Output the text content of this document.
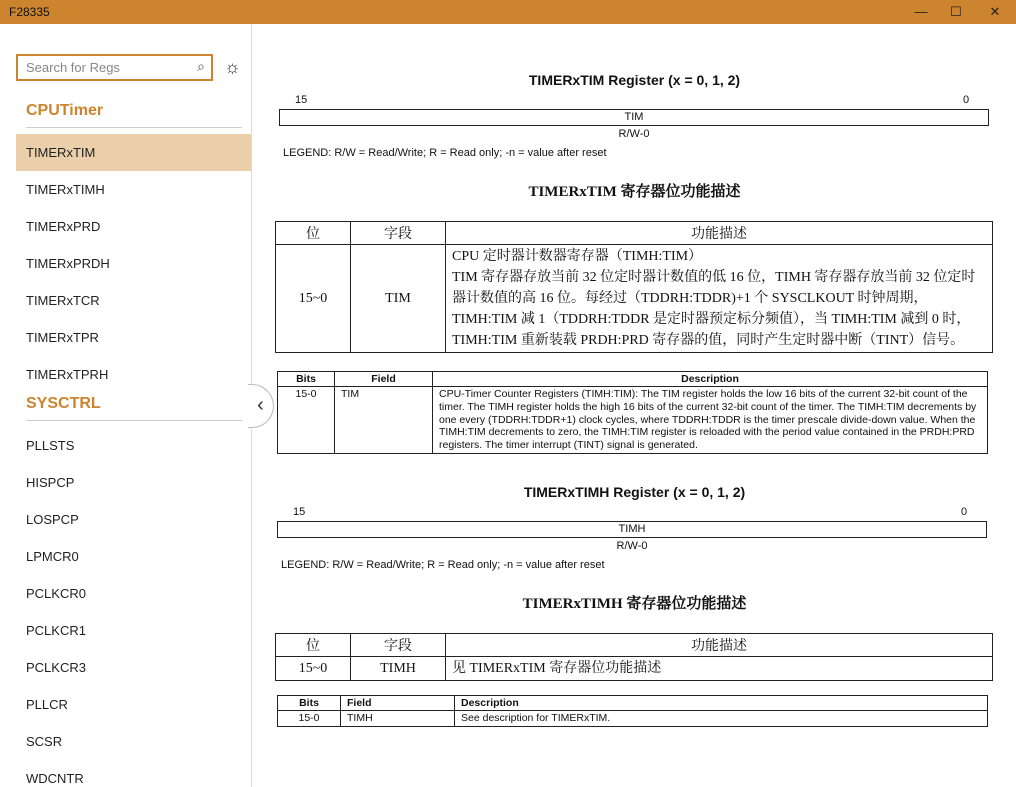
F28335	—	☐	✕
Search for Regs	⌕ ☼
CPUTimer
TIMERxTIM
TIMERxTIMH
TIMERxPRD
TIMERxPRDH
TIMERxTCR
TIMERxTPR
TIMERxTPRH
SYSCTRL
PLLSTS
HISPCP
LOSPCP
LPMCR0
PCLKCR0
PCLKCR1
PCLKCR3
PLLCR
SCSR
WDCNTR
‹
TIMERxTIM Register (x = 0, 1, 2)
15	0
TIM
R/W-0
LEGEND: R/W = Read/Write; R = Read only; -n = value after reset
TIMERxTIM 寄存器位功能描述
位	字段	功能描述
15~0	TIM	CPU 定时器计数器寄存器（TIMH:TIM）
TIM 寄存器存放当前 32 位定时器计数值的低 16 位，TIMH 寄存器存放当前 32 位定时器计数值的高 16 位。每经过（TDDRH:TDDR)+1 个 SYSCLKOUT 时钟周期，TIMH:TIM 减 1（TDDRH:TDDR 是定时器预定标分频值），当 TIMH:TIM 减到 0 时，TIMH:TIM 重新装载 PRDH:PRD 寄存器的值，同时产生定时器中断（TINT）信号。
Bits	Field	Description
15-0	TIM	CPU-Timer Counter Registers (TIMH:TIM): The TIM register holds the low 16 bits of the current 32-bit count of the timer. The TIMH register holds the high 16 bits of the current 32-bit count of the timer. The TIMH:TIM decrements by one every (TDDRH:TDDR+1) clock cycles, where TDDRH:TDDR is the timer prescale divide-down value. When the TIMH:TIM decrements to zero, the TIMH:TIM register is reloaded with the period value contained in the PRDH:PRD registers. The timer interrupt (TINT) signal is generated.
TIMERxTIMH Register (x = 0, 1, 2)
15	0
TIMH
R/W-0
LEGEND: R/W = Read/Write; R = Read only; -n = value after reset
TIMERxTIMH 寄存器位功能描述
位	字段	功能描述
15~0	TIMH	见 TIMERxTIM 寄存器位功能描述
Bits	Field	Description
15-0	TIMH	See description for TIMERxTIM.
